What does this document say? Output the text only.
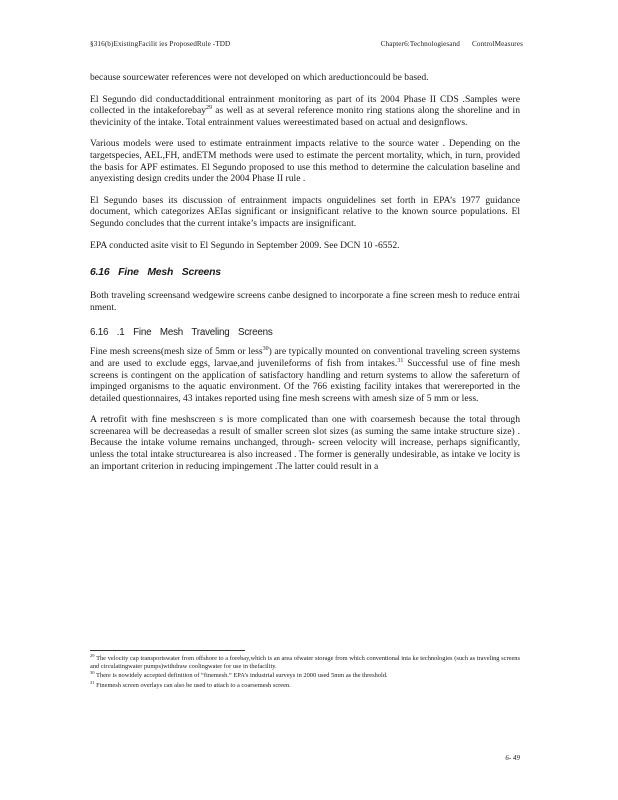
§316(b)ExistingFacilit ies ProposedRule -TDD	Chapter6:Technologiesand ControlMeasures

because sourcewater references were not developed on which areductioncould be based.

El Segundo did conductadditional entrainment monitoring as part of its 2004 Phase II CDS .Samples were collected in the intakeforebay$^{29}$ as well as at several reference monito ring stations along the shoreline and in thevicinity of the intake. Total entrainment values wereestimated based on actual and designflows.

Various models were used to estimate entrainment impacts relative to the source water . Depending on the targetspecies, AEL,FH, andETM methods were used to estimate the percent mortality, which, in turn, provided the basis for APF estimates. El Segundo proposed to use this method to determine the calculation baseline and anyexisting design credits under the 2004 Phase II rule .

El Segundo bases its discussion of entrainment impacts onguidelines set forth in EPA’s 1977 guidance document, which categorizes AEIas significant or insignificant relative to the known source populations. El Segundo concludes that the current intake’s impacts are insignificant.

EPA conducted asite visit to El Segundo in September 2009. See DCN 10 -6552.

6.16 Fine Mesh Screens

Both traveling screensand wedgewire screens canbe designed to incorporate a fine screen mesh to reduce entrai nment.

6.16 .1 Fine Mesh Traveling Screens

Fine mesh screens(mesh size of 5mm or less$^{30}$) are typically mounted on conventional traveling screen systems and are used to exclude eggs, larvae,and juvenileforms of fish from intakes.$^{31}$ Successful use of fine mesh screens is contingent on the application of satisfactory handling and return systems to allow the safereturn of impinged organisms to the aquatic environment. Of the 766 existing facility intakes that werereported in the detailed questionnaires, 43 intakes reported using fine mesh screens with amesh size of 5 mm or less.

A retrofit with fine meshscreen s is more complicated than one with coarsemesh because the total through screenarea will be decreasedas a result of smaller screen slot sizes (as suming the same intake structure size) . Because the intake volume remains unchanged, through- screen velocity will increase, perhaps significantly, unless the total intake structurearea is also increased . The former is generally undesirable, as intake ve locity is an important criterion in reducing impingement .The latter could result in a

$^{29}$ The velocity cap transportswater from offshore to a forebay,which is an area ofwater storage from which conventional inta ke technologies (such as traveling screens and circulatingwater pumps)withdraw coolingwater for use in thefacility.
$^{30}$ There is nowidely accepted definition of “finemesh.” EPA’s industrial surveys in 2000 used 5mm as the threshold.
$^{31}$ Finemesh screen overlays can also be used to attach to a coarsemesh screen.
6- 49
